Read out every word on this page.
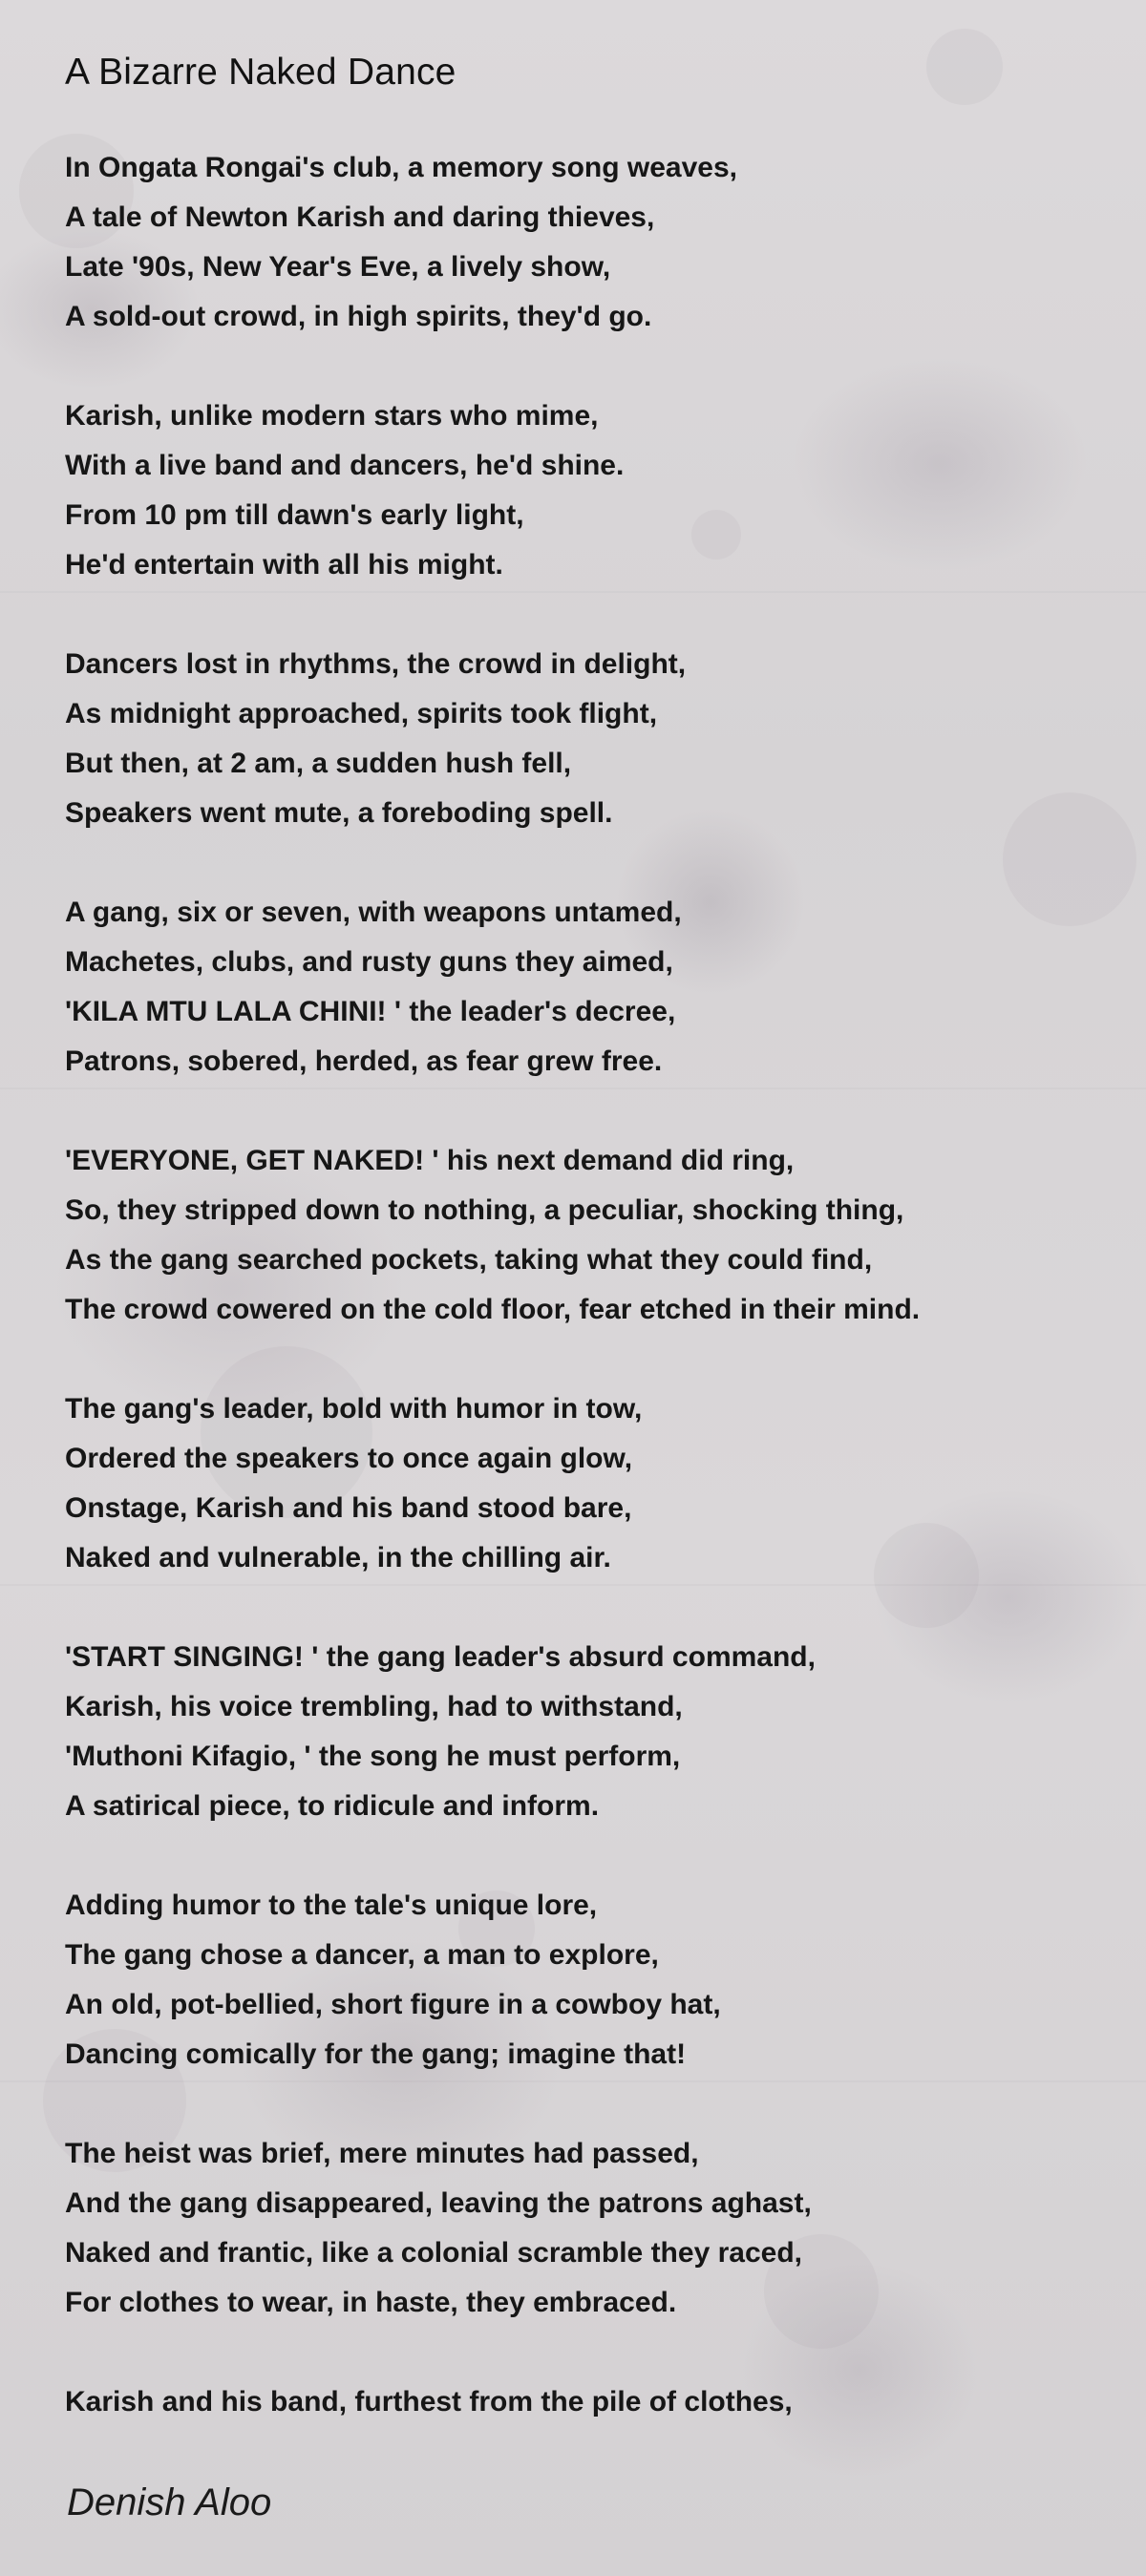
A Bizarre Naked Dance
In Ongata Rongai's club, a memory song weaves,
A tale of Newton Karish and daring thieves,
Late '90s, New Year's Eve, a lively show,
A sold-out crowd, in high spirits, they'd go.
Karish, unlike modern stars who mime,
With a live band and dancers, he'd shine.
From 10 pm till dawn's early light,
He'd entertain with all his might.
Dancers lost in rhythms, the crowd in delight,
As midnight approached, spirits took flight,
But then, at 2 am, a sudden hush fell,
Speakers went mute, a foreboding spell.
A gang, six or seven, with weapons untamed,
Machetes, clubs, and rusty guns they aimed,
'KILA MTU LALA CHINI! ' the leader's decree,
Patrons, sobered, herded, as fear grew free.
'EVERYONE, GET NAKED! ' his next demand did ring,
So, they stripped down to nothing, a peculiar, shocking thing,
As the gang searched pockets, taking what they could find,
The crowd cowered on the cold floor, fear etched in their mind.
The gang's leader, bold with humor in tow,
Ordered the speakers to once again glow,
Onstage, Karish and his band stood bare,
Naked and vulnerable, in the chilling air.
'START SINGING! ' the gang leader's absurd command,
Karish, his voice trembling, had to withstand,
'Muthoni Kifagio, ' the song he must perform,
A satirical piece, to ridicule and inform.
Adding humor to the tale's unique lore,
The gang chose a dancer, a man to explore,
An old, pot-bellied, short figure in a cowboy hat,
Dancing comically for the gang; imagine that!
The heist was brief, mere minutes had passed,
And the gang disappeared, leaving the patrons aghast,
Naked and frantic, like a colonial scramble they raced,
For clothes to wear, in haste, they embraced.
Karish and his band, furthest from the pile of clothes,
Denish Aloo
